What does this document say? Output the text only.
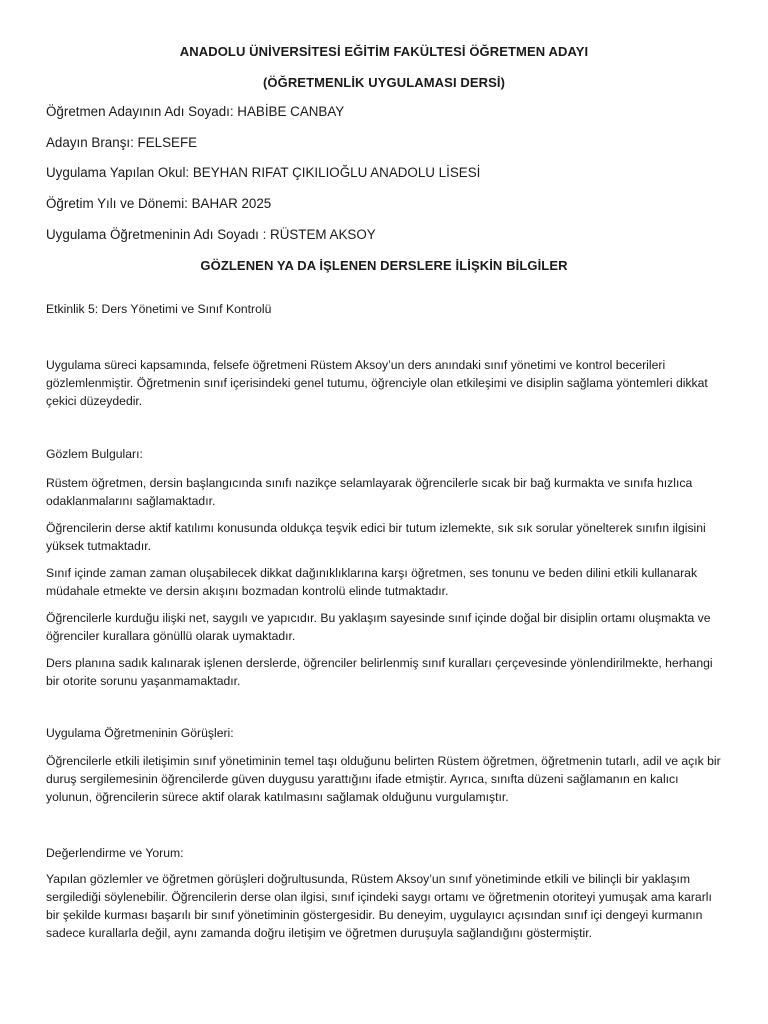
ANADOLU ÜNİVERSİTESİ EĞİTİM FAKÜLTESİ ÖĞRETMEN ADAYI

(ÖĞRETMENLİK UYGULAMASI DERSİ)

Öğretmen Adayının Adı Soyadı: HABİBE CANBAY

Adayın Branşı: FELSEFE

Uygulama Yapılan Okul: BEYHAN RIFAT ÇIKILIOĞLU ANADOLU LİSESİ

Öğretim Yılı ve Dönemi: BAHAR 2025

Uygulama Öğretmeninin Adı Soyadı : RÜSTEM AKSOY

GÖZLENEN YA DA İŞLENEN DERSLERE İLİŞKİN BİLGİLER

Etkinlik 5: Ders Yönetimi ve Sınıf Kontrolü

Uygulama süreci kapsamında, felsefe öğretmeni Rüstem Aksoy’un ders anındaki sınıf yönetimi ve kontrol becerileri gözlemlenmiştir. Öğretmenin sınıf içerisindeki genel tutumu, öğrenciyle olan etkileşimi ve disiplin sağlama yöntemleri dikkat çekici düzeydedir.

Gözlem Bulguları:

Rüstem öğretmen, dersin başlangıcında sınıfı nazikçe selamlayarak öğrencilerle sıcak bir bağ kurmakta ve sınıfa hızlıca odaklanmalarını sağlamaktadır.

Öğrencilerin derse aktif katılımı konusunda oldukça teşvik edici bir tutum izlemekte, sık sık sorular yönelterek sınıfın ilgisini yüksek tutmaktadır.

Sınıf içinde zaman zaman oluşabilecek dikkat dağınıklıklarına karşı öğretmen, ses tonunu ve beden dilini etkili kullanarak müdahale etmekte ve dersin akışını bozmadan kontrolü elinde tutmaktadır.

Öğrencilerle kurduğu ilişki net, saygılı ve yapıcıdır. Bu yaklaşım sayesinde sınıf içinde doğal bir disiplin ortamı oluşmakta ve öğrenciler kurallara gönüllü olarak uymaktadır.

Ders planına sadık kalınarak işlenen derslerde, öğrenciler belirlenmiş sınıf kuralları çerçevesinde yönlendirilmekte, herhangi bir otorite sorunu yaşanmamaktadır.

Uygulama Öğretmeninin Görüşleri:

Öğrencilerle etkili iletişimin sınıf yönetiminin temel taşı olduğunu belirten Rüstem öğretmen, öğretmenin tutarlı, adil ve açık bir duruş sergilemesinin öğrencilerde güven duygusu yarattığını ifade etmiştir. Ayrıca, sınıfta düzeni sağlamanın en kalıcı yolunun, öğrencilerin sürece aktif olarak katılmasını sağlamak olduğunu vurgulamıştır.

Değerlendirme ve Yorum:

Yapılan gözlemler ve öğretmen görüşleri doğrultusunda, Rüstem Aksoy’un sınıf yönetiminde etkili ve bilinçli bir yaklaşım sergilediği söylenebilir. Öğrencilerin derse olan ilgisi, sınıf içindeki saygı ortamı ve öğretmenin otoriteyi yumuşak ama kararlı bir şekilde kurması başarılı bir sınıf yönetiminin göstergesidir. Bu deneyim, uygulayıcı açısından sınıf içi dengeyi kurmanın sadece kurallarla değil, aynı zamanda doğru iletişim ve öğretmen duruşuyla sağlandığını göstermiştir.
